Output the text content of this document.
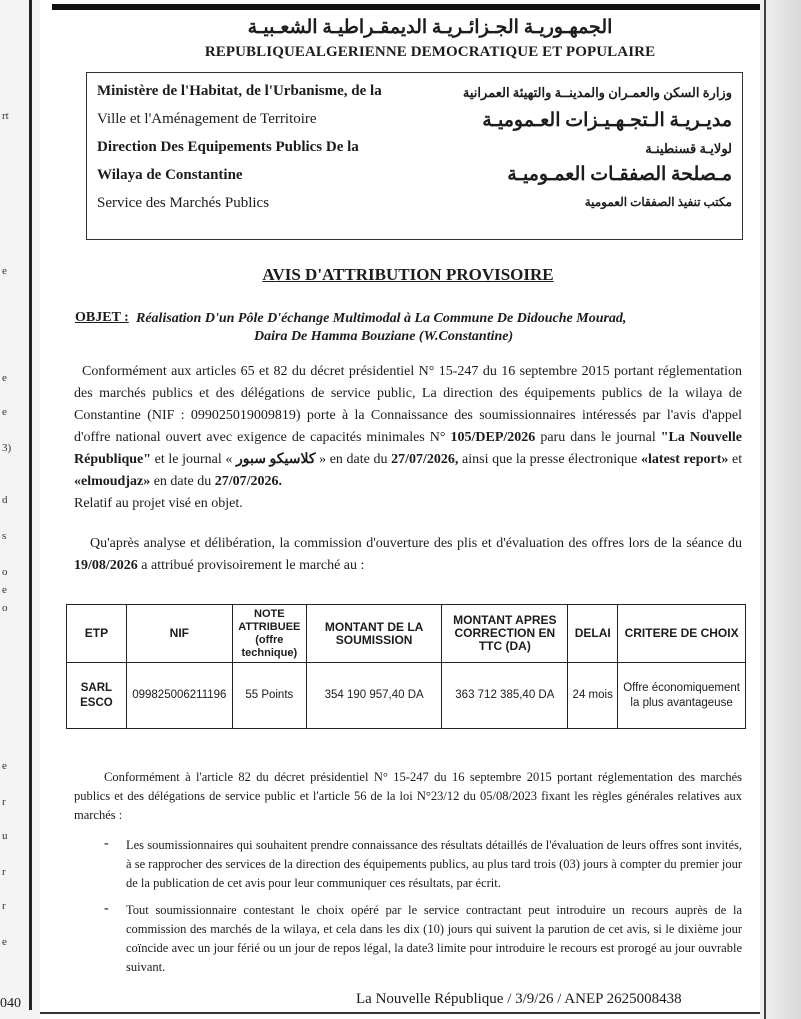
rt
e
e
e
3)
d
s
o
e
o
e
r
u
r
r
e
الجمهـوريـة الجـزائـريـة الديمقـراطيـة الشعـبيـة
REPUBLIQUEALGERIENNE DEMOCRATIQUE ET POPULAIRE
Ministère de l'Habitat, de l'Urbanisme, de la
Ville et l'Aménagement de Territoire
Direction Des Equipements Publics De la
Wilaya de Constantine
Service des Marchés Publics
وزارة السكن والعمـران والمدينــة والتهيئة العمرانية
مديـريـة الـتجـهـيـزات العـموميـة
لولايـة قسنطينـة
مـصلحة الصفقـات العمـوميـة
مكتب تنفيذ الصفقات العمومية
AVIS D'ATTRIBUTION PROVISOIRE
OBJET : Réalisation D'un Pôle D'échange Multimodal à La Commune De Didouche Mourad,
Daira De Hamma Bouziane (W.Constantine)
Conformément aux articles 65 et 82 du décret présidentiel N° 15-247 du 16 septembre 2015 portant réglementation des marchés publics et des délégations de service public, La direction des équipements publics de la wilaya de Constantine (NIF : 099025019009819) porte à la Connaissance des soumissionnaires intéressés par l'avis d'appel d'offre national ouvert avec exigence de capacités minimales N° 105/DEP/2026 paru dans le journal "La Nouvelle République" et le journal « كلاسيكو سبور » en date du 27/07/2026, ainsi que la presse électronique «latest report» et «elmoudjaz» en date du 27/07/2026.
Relatif au projet visé en objet.
Qu'après analyse et délibération, la commission d'ouverture des plis et d'évaluation des offres lors de la séance du 19/08/2026 a attribué provisoirement le marché au :
ETP	NIF	NOTE ATTRIBUEE (offre technique)	MONTANT DE LA SOUMISSION	MONTANT APRES CORRECTION EN TTC (DA)	DELAI	CRITERE DE CHOIX
SARL ESCO	099825006211196	55 Points	354 190 957,40 DA	363 712 385,40 DA	24 mois	Offre économiquement la plus avantageuse
Conformément à l'article 82 du décret présidentiel N° 15-247 du 16 septembre 2015 portant réglementation des marchés publics et des délégations de service public et l'article 56 de la loi N°23/12 du 05/08/2023 fixant les règles générales relatives aux marchés :
- Les soumissionnaires qui souhaitent prendre connaissance des résultats détaillés de l'évaluation de leurs offres sont invités, à se rapprocher des services de la direction des équipements publics, au plus tard trois (03) jours à compter du premier jour de la publication de cet avis pour leur communiquer ces résultats, par écrit.
- Tout soumissionnaire contestant le choix opéré par le service contractant peut introduire un recours auprès de la commission des marchés de la wilaya, et cela dans les dix (10) jours qui suivent la parution de cet avis, si le dixième jour coïncide avec un jour férié ou un jour de repos légal, la date3 limite pour introduire le recours est prorogé au jour ouvrable suivant.
040	La Nouvelle République / 3/9/26 / ANEP 2625008438
